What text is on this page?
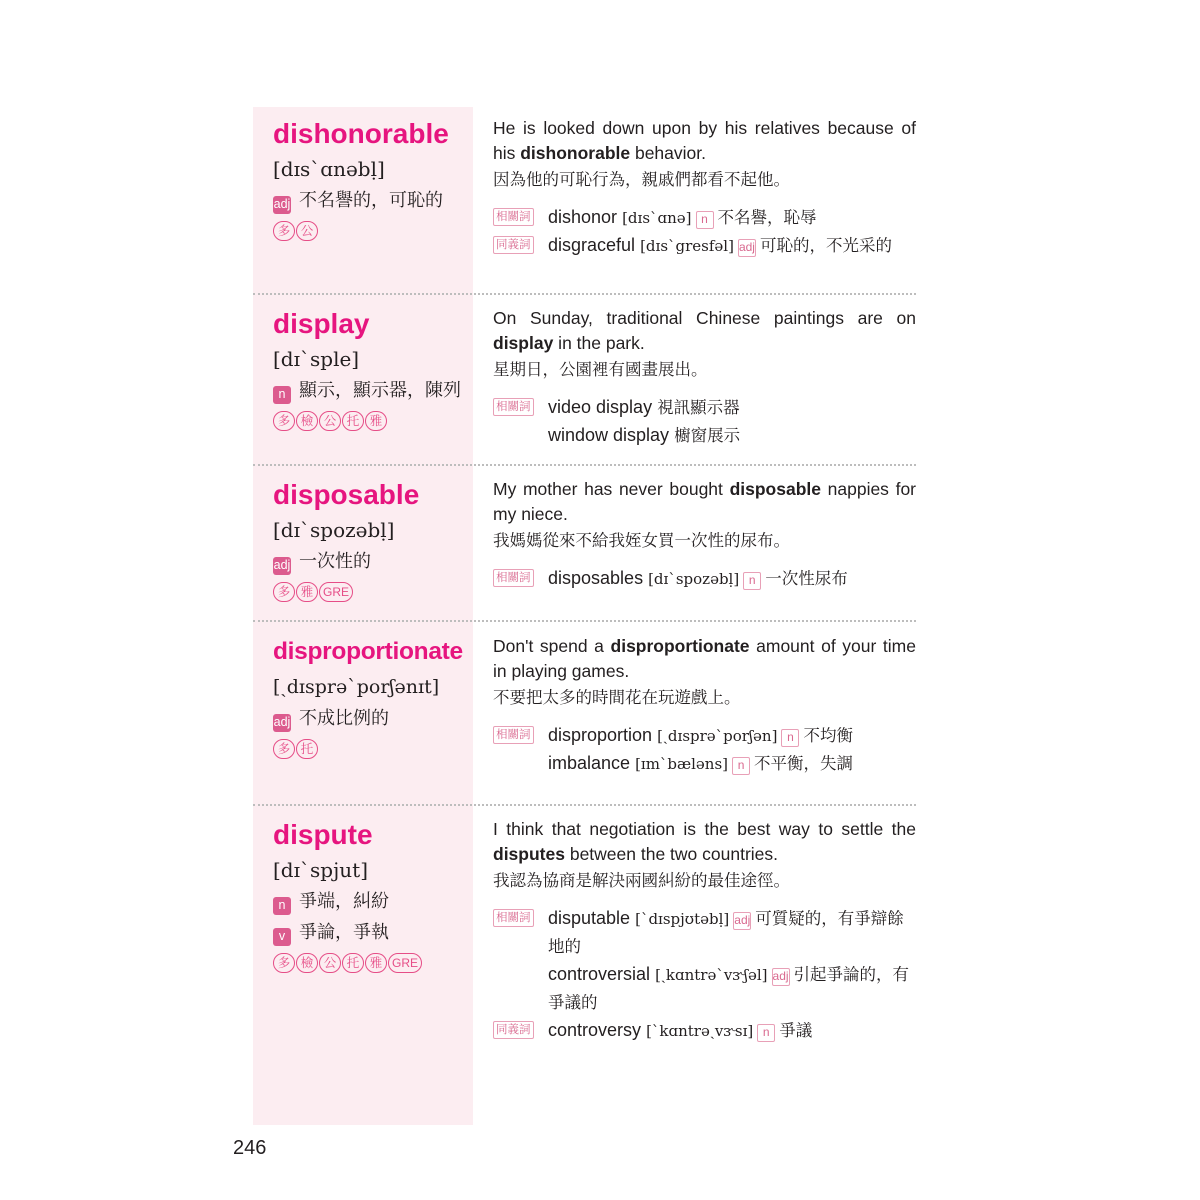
dishonorable
[dɪsˋɑnəbḷ]
adj 不名譽的，可恥的
多 公
He is looked down upon by his relatives because of his dishonorable behavior.
因為他的可恥行為，親戚們都看不起他。
相關詞 dishonor [dɪsˋɑnə] n 不名譽，恥辱
同義詞 disgraceful [dɪsˋgresfəl] adj 可恥的，不光采的
display
[dɪˋsple]
n 顯示，顯示器，陳列
多 檢 公 托 雅
On Sunday, traditional Chinese paintings are on display in the park.
星期日，公園裡有國畫展出。
相關詞 video display 視訊顯示器
window display 櫥窗展示
disposable
[dɪˋspozəbḷ]
adj 一次性的
多 雅 GRE
My mother has never bought disposable nappies for my niece.
我媽媽從來不給我姪女買一次性的尿布。
相關詞 disposables [dɪˋspozəbḷ] n 一次性尿布
disproportionate
[ˏdɪsprəˋporʃənɪt]
adj 不成比例的
多 托
Don't spend a disproportionate amount of your time in playing games.
不要把太多的時間花在玩遊戲上。
相關詞 disproportion [ˏdɪsprəˋporʃən] n 不均衡
imbalance [ɪmˋbæləns] n 不平衡，失調
dispute
[dɪˋspjut]
n 爭端，糾紛
v 爭論，爭執
多 檢 公 托 雅 GRE
I think that negotiation is the best way to settle the disputes between the two countries.
我認為協商是解決兩國糾紛的最佳途徑。
相關詞 disputable [ˋdɪspjʊtəbḷ] adj 可質疑的，有爭辯餘地的
controversial [ˏkɑntrəˋvɝʃəl] adj 引起爭論的，有爭議的
同義詞 controversy [ˋkɑntrəˏvɝsɪ] n 爭議
246
